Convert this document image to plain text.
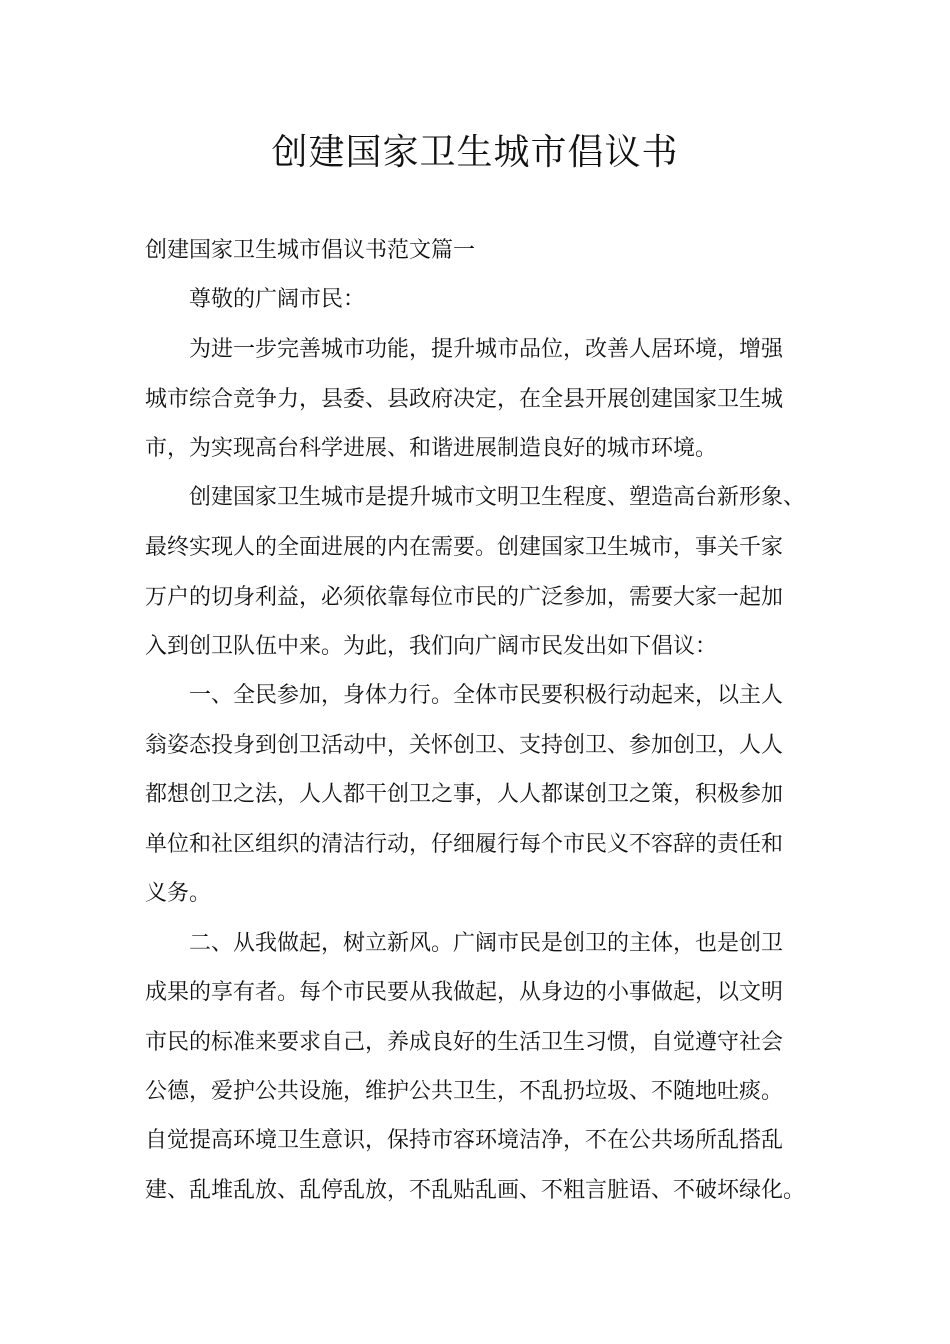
创建国家卫生城市倡议书
创建国家卫生城市倡议书范文篇一
　　尊敬的广阔市民：
　　为进一步完善城市功能，提升城市品位，改善人居环境，增强
城市综合竞争力，县委、县政府决定，在全县开展创建国家卫生城
市，为实现高台科学进展、和谐进展制造良好的城市环境。
　　创建国家卫生城市是提升城市文明卫生程度、塑造高台新形象、
最终实现人的全面进展的内在需要。创建国家卫生城市，事关千家
万户的切身利益，必须依靠每位市民的广泛参加，需要大家一起加
入到创卫队伍中来。为此，我们向广阔市民发出如下倡议：
　　一、全民参加，身体力行。全体市民要积极行动起来，以主人
翁姿态投身到创卫活动中，关怀创卫、支持创卫、参加创卫，人人
都想创卫之法，人人都干创卫之事，人人都谋创卫之策，积极参加
单位和社区组织的清洁行动，仔细履行每个市民义不容辞的责任和
义务。
　　二、从我做起，树立新风。广阔市民是创卫的主体，也是创卫
成果的享有者。每个市民要从我做起，从身边的小事做起，以文明
市民的标准来要求自己，养成良好的生活卫生习惯，自觉遵守社会
公德，爱护公共设施，维护公共卫生，不乱扔垃圾、不随地吐痰。
自觉提高环境卫生意识，保持市容环境洁净，不在公共场所乱搭乱
建、乱堆乱放、乱停乱放，不乱贴乱画、不粗言脏语、不破坏绿化。
